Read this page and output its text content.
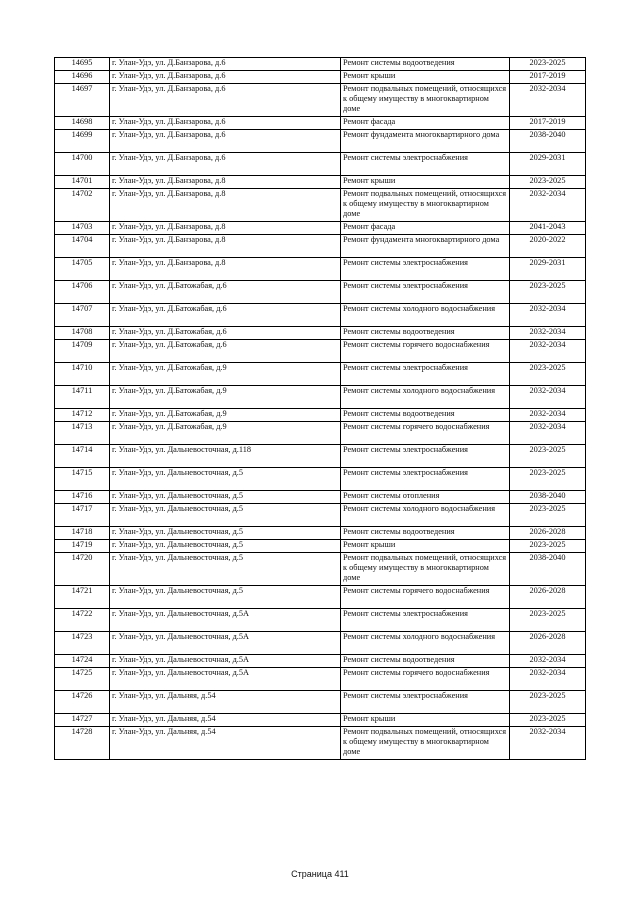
14695	г. Улан-Удэ, ул. Д.Банзарова, д.6	Ремонт системы водоотведения	2023-2025
14696	г. Улан-Удэ, ул. Д.Банзарова, д.6	Ремонт крыши	2017-2019
14697	г. Улан-Удэ, ул. Д.Банзарова, д.6	Ремонт подвальных помещений, относящихся к общему имуществу в многоквартирном доме	2032-2034
14698	г. Улан-Удэ, ул. Д.Банзарова, д.6	Ремонт фасада	2017-2019
14699	г. Улан-Удэ, ул. Д.Банзарова, д.6	Ремонт фундамента многоквартирного дома	2038-2040
14700	г. Улан-Удэ, ул. Д.Банзарова, д.6	Ремонт системы электроснабжения	2029-2031
14701	г. Улан-Удэ, ул. Д.Банзарова, д.8	Ремонт крыши	2023-2025
14702	г. Улан-Удэ, ул. Д.Банзарова, д.8	Ремонт подвальных помещений, относящихся к общему имуществу в многоквартирном доме	2032-2034
14703	г. Улан-Удэ, ул. Д.Банзарова, д.8	Ремонт фасада	2041-2043
14704	г. Улан-Удэ, ул. Д.Банзарова, д.8	Ремонт фундамента многоквартирного дома	2020-2022
14705	г. Улан-Удэ, ул. Д.Банзарова, д.8	Ремонт системы электроснабжения	2029-2031
14706	г. Улан-Удэ, ул. Д.Батожабая, д.6	Ремонт системы электроснабжения	2023-2025
14707	г. Улан-Удэ, ул. Д.Батожабая, д.6	Ремонт системы холодного водоснабжения	2032-2034
14708	г. Улан-Удэ, ул. Д.Батожабая, д.6	Ремонт системы водоотведения	2032-2034
14709	г. Улан-Удэ, ул. Д.Батожабая, д.6	Ремонт системы горячего водоснабжения	2032-2034
14710	г. Улан-Удэ, ул. Д.Батожабая, д.9	Ремонт системы электроснабжения	2023-2025
14711	г. Улан-Удэ, ул. Д.Батожабая, д.9	Ремонт системы холодного водоснабжения	2032-2034
14712	г. Улан-Удэ, ул. Д.Батожабая, д.9	Ремонт системы водоотведения	2032-2034
14713	г. Улан-Удэ, ул. Д.Батожабая, д.9	Ремонт системы горячего водоснабжения	2032-2034
14714	г. Улан-Удэ, ул. Дальневосточная, д.118	Ремонт системы электроснабжения	2023-2025
14715	г. Улан-Удэ, ул. Дальневосточная, д.5	Ремонт системы электроснабжения	2023-2025
14716	г. Улан-Удэ, ул. Дальневосточная, д.5	Ремонт системы отопления	2038-2040
14717	г. Улан-Удэ, ул. Дальневосточная, д.5	Ремонт системы холодного водоснабжения	2023-2025
14718	г. Улан-Удэ, ул. Дальневосточная, д.5	Ремонт системы водоотведения	2026-2028
14719	г. Улан-Удэ, ул. Дальневосточная, д.5	Ремонт крыши	2023-2025
14720	г. Улан-Удэ, ул. Дальневосточная, д.5	Ремонт подвальных помещений, относящихся к общему имуществу в многоквартирном доме	2038-2040
14721	г. Улан-Удэ, ул. Дальневосточная, д.5	Ремонт системы горячего водоснабжения	2026-2028
14722	г. Улан-Удэ, ул. Дальневосточная, д.5А	Ремонт системы электроснабжения	2023-2025
14723	г. Улан-Удэ, ул. Дальневосточная, д.5А	Ремонт системы холодного водоснабжения	2026-2028
14724	г. Улан-Удэ, ул. Дальневосточная, д.5А	Ремонт системы водоотведения	2032-2034
14725	г. Улан-Удэ, ул. Дальневосточная, д.5А	Ремонт системы горячего водоснабжения	2032-2034
14726	г. Улан-Удэ, ул. Дальняя, д.54	Ремонт системы электроснабжения	2023-2025
14727	г. Улан-Удэ, ул. Дальняя, д.54	Ремонт крыши	2023-2025
14728	г. Улан-Удэ, ул. Дальняя, д.54	Ремонт подвальных помещений, относящихся к общему имуществу в многоквартирном доме	2032-2034
Страница 411
